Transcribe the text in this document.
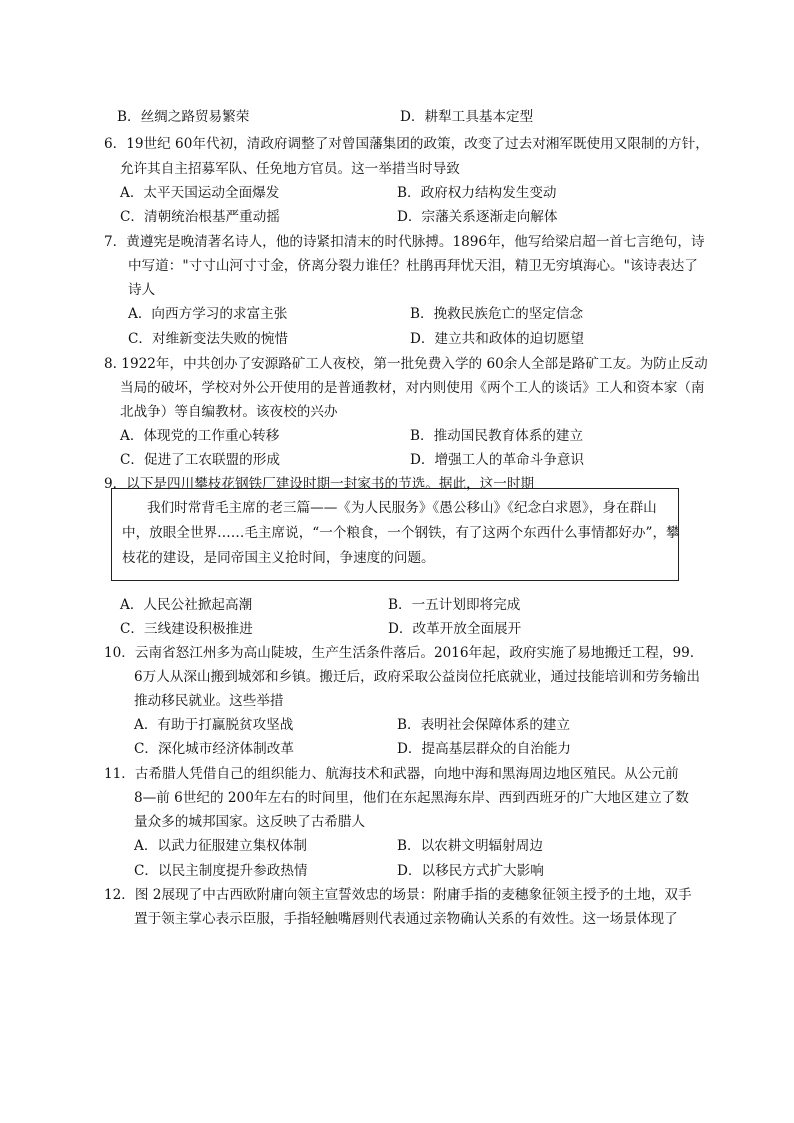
B．丝绸之路贸易繁荣	D．耕犁工具基本定型
6．19世纪 60年代初，清政府调整了对曾国藩集团的政策，改变了过去对湘军既使用又限制的方针，
允许其自主招募军队、任免地方官员。这一举措当时导致
A．太平天国运动全面爆发	B．政府权力结构发生变动
C．清朝统治根基严重动摇	D．宗藩关系逐渐走向解体
7．黄遵宪是晚清著名诗人，他的诗紧扣清末的时代脉搏。1896年，他写给梁启超一首七言绝句，诗
中写道："寸寸山河寸寸金，侪离分裂力谁任？杜鹃再拜忧天泪，精卫无穷填海心。"该诗表达了
诗人
A．向西方学习的求富主张	B．挽救民族危亡的坚定信念
C．对维新变法失败的惋惜	D．建立共和政体的迫切愿望
8. 1922年，中共创办了安源路矿工人夜校，第一批免费入学的 60余人全部是路矿工友。为防止反动
当局的破坏，学校对外公开使用的是普通教材，对内则使用《两个工人的谈话》工人和资本家（南
北战争）等自编教材。该夜校的兴办
A．体现党的工作重心转移	B．推动国民教育体系的建立
C．促进了工农联盟的形成	D．增强工人的革命斗争意识
9．以下是四川攀枝花钢铁厂建设时期一封家书的节选。据此，这一时期
我们时常背毛主席的老三篇——《为人民服务》《愚公移山》《纪念白求恩》，身在群山
中，放眼全世界……毛主席说，“一个粮食，一个钢铁，有了这两个东西什么事情都好办”，攀
枝花的建设，是同帝国主义抢时间，争速度的问题。
A．人民公社掀起高潮	B．一五计划即将完成
C．三线建设积极推进	D．改革开放全面展开
10．云南省怒江州多为高山陡坡，生产生活条件落后。2016年起，政府实施了易地搬迁工程，99.
6万人从深山搬到城郊和乡镇。搬迁后，政府采取公益岗位托底就业，通过技能培训和劳务输出
推动移民就业。这些举措
A．有助于打赢脱贫攻坚战	B．表明社会保障体系的建立
C．深化城市经济体制改革	D．提高基层群众的自治能力
11．古希腊人凭借自己的组织能力、航海技术和武器，向地中海和黑海周边地区殖民。从公元前
8—前 6世纪的 200年左右的时间里，他们在东起黑海东岸、西到西班牙的广大地区建立了数
量众多的城邦国家。这反映了古希腊人
A．以武力征服建立集权体制	B．以农耕文明辐射周边
C．以民主制度提升参政热情	D．以移民方式扩大影响
12．图 2展现了中古西欧附庸向领主宣誓效忠的场景：附庸手指的麦穗象征领主授予的土地，双手
置于领主掌心表示臣服，手指轻触嘴唇则代表通过亲物确认关系的有效性。这一场景体现了
